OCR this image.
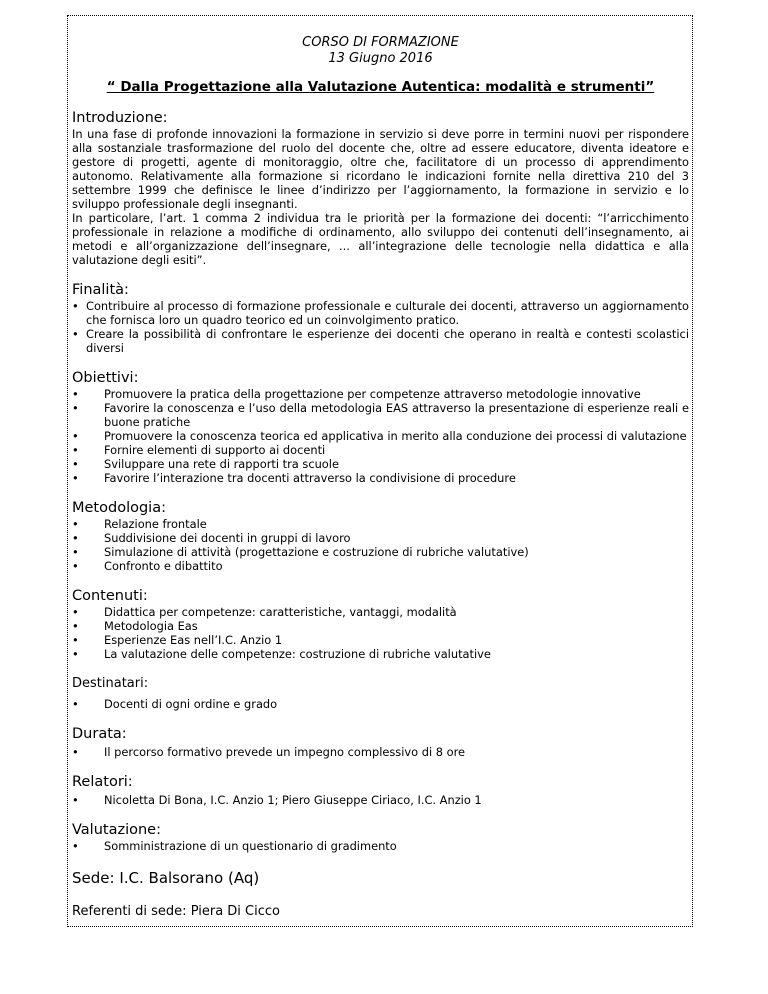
CORSO DI FORMAZIONE
13 Giugno 2016
“ Dalla Progettazione alla Valutazione Autentica: modalità e strumenti”
Introduzione:

In una fase di profonde innovazioni la formazione in servizio si deve porre in termini nuovi per rispondere alla sostanziale trasformazione del ruolo del docente che, oltre ad essere educatore, diventa ideatore e gestore di progetti, agente di monitoraggio, oltre che, facilitatore di un processo di apprendimento autonomo. Relativamente alla formazione si ricordano le indicazioni fornite nella direttiva 210 del 3 settembre 1999 che definisce le linee d’indirizzo per l’aggiornamento, la formazione in servizio e lo sviluppo professionale degli insegnanti.

In particolare, l’art. 1 comma 2 individua tra le priorità per la formazione dei docenti: “l’arricchimento professionale in relazione a modifiche di ordinamento, allo sviluppo dei contenuti dell’insegnamento, ai metodi e all’organizzazione dell’insegnare, ... all’integrazione delle tecnologie nella didattica e alla valutazione degli esiti”.

Finalità:
• Contribuire al processo di formazione professionale e culturale dei docenti, attraverso un aggiornamento che fornisca loro un quadro teorico ed un coinvolgimento pratico.
• Creare la possibilità di confrontare le esperienze dei docenti che operano in realtà e contesti scolastici diversi
Obiettivi:
• Promuovere la pratica della progettazione per competenze attraverso metodologie innovative
• Favorire la conoscenza e l’uso della metodologia EAS attraverso la presentazione di esperienze reali e buone pratiche
• Promuovere la conoscenza teorica ed applicativa in merito alla conduzione dei processi di valutazione
• Fornire elementi di supporto ai docenti
• Sviluppare una rete di rapporti tra scuole
• Favorire l’interazione tra docenti attraverso la condivisione di procedure
Metodologia:
• Relazione frontale
• Suddivisione dei docenti in gruppi di lavoro
• Simulazione di attività (progettazione e costruzione di rubriche valutative)
• Confronto e dibattito
Contenuti:
• Didattica per competenze: caratteristiche, vantaggi, modalità
• Metodologia Eas
• Esperienze Eas nell’I.C. Anzio 1
• La valutazione delle competenze: costruzione di rubriche valutative
Destinatari:
• Docenti di ogni ordine e grado
Durata:
• Il percorso formativo prevede un impegno complessivo di 8 ore
Relatori:
• Nicoletta Di Bona, I.C. Anzio 1; Piero Giuseppe Ciriaco, I.C. Anzio 1
Valutazione:
• Somministrazione di un questionario di gradimento
Sede: I.C. Balsorano (Aq)
Referenti di sede: Piera Di Cicco
